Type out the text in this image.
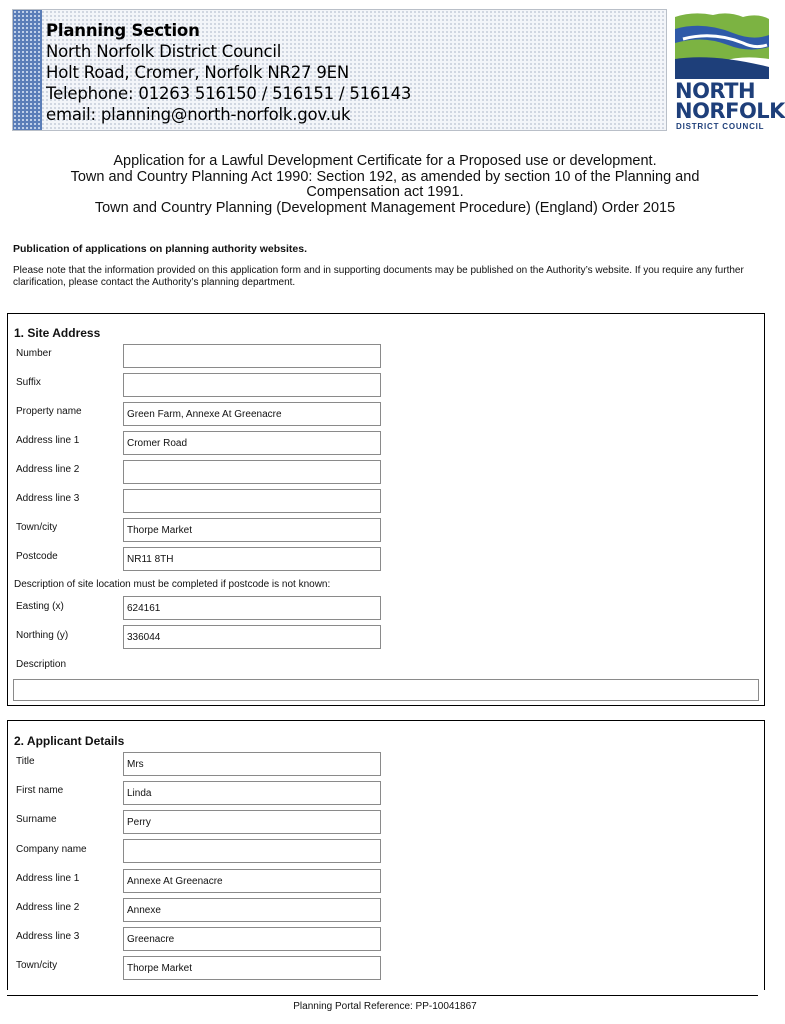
Planning Section
North Norfolk District Council
Holt Road, Cromer, Norfolk NR27 9EN
Telephone: 01263 516150 / 516151 / 516143
email: planning@north-norfolk.gov.uk
NORTH
NORFOLK
DISTRICT COUNCIL
Application for a Lawful Development Certificate for a Proposed use or development.
Town and Country Planning Act 1990: Section 192, as amended by section 10 of the Planning and
Compensation act 1991.
Town and Country Planning (Development Management Procedure) (England) Order 2015
Publication of applications on planning authority websites.
Please note that the information provided on this application form and in supporting documents may be published on the Authority’s website. If you require any further clarification, please contact the Authority’s planning department.
1. Site Address
Number
Suffix
Property name	Green Farm, Annexe At Greenacre
Address line 1	Cromer Road
Address line 2
Address line 3
Town/city	Thorpe Market
Postcode	NR11 8TH
Description of site location must be completed if postcode is not known:
Easting (x)	624161
Northing (y)	336044
Description
2. Applicant Details
Title	Mrs
First name	Linda
Surname	Perry
Company name
Address line 1	Annexe At Greenacre
Address line 2	Annexe
Address line 3	Greenacre
Town/city	Thorpe Market
Planning Portal Reference: PP-10041867
